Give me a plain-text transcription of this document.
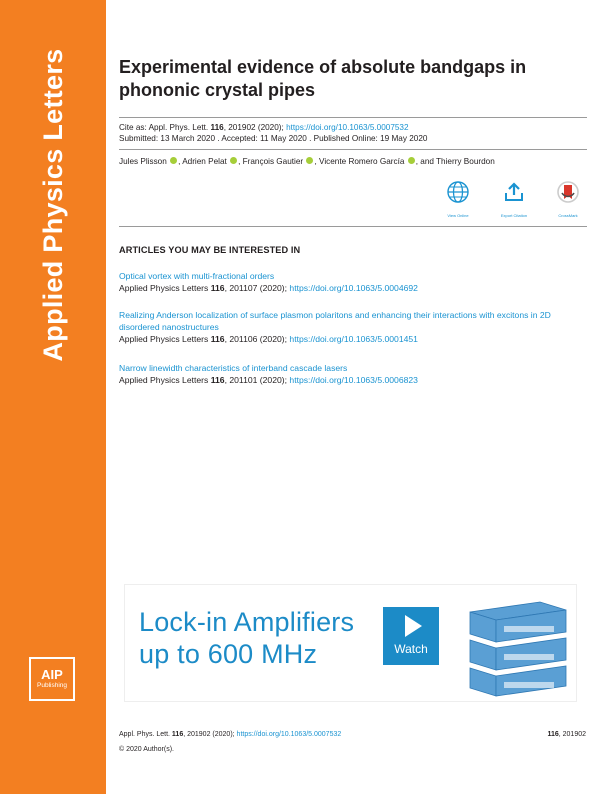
Applied Physics Letters
AIP
Publishing
Experimental evidence of absolute bandgaps in phononic crystal pipes
Cite as: Appl. Phys. Lett. 116, 201902 (2020); https://doi.org/10.1063/5.0007532
Submitted: 13 March 2020 . Accepted: 11 May 2020 . Published Online: 19 May 2020
Jules Plisson , Adrien Pelat , François Gautier , Vicente Romero García , and Thierry Bourdon
View Online	Export Citation	CrossMark
ARTICLES YOU MAY BE INTERESTED IN
Optical vortex with multi-fractional orders
Applied Physics Letters 116, 201107 (2020); https://doi.org/10.1063/5.0004692
Realizing Anderson localization of surface plasmon polaritons and enhancing their interactions with excitons in 2D disordered nanostructures
Applied Physics Letters 116, 201106 (2020); https://doi.org/10.1063/5.0001451
Narrow linewidth characteristics of interband cascade lasers
Applied Physics Letters 116, 201101 (2020); https://doi.org/10.1063/5.0006823
Lock-in Amplifiers
up to 600 MHz	Watch
Appl. Phys. Lett. 116, 201902 (2020); https://doi.org/10.1063/5.0007532	116, 201902
© 2020 Author(s).
